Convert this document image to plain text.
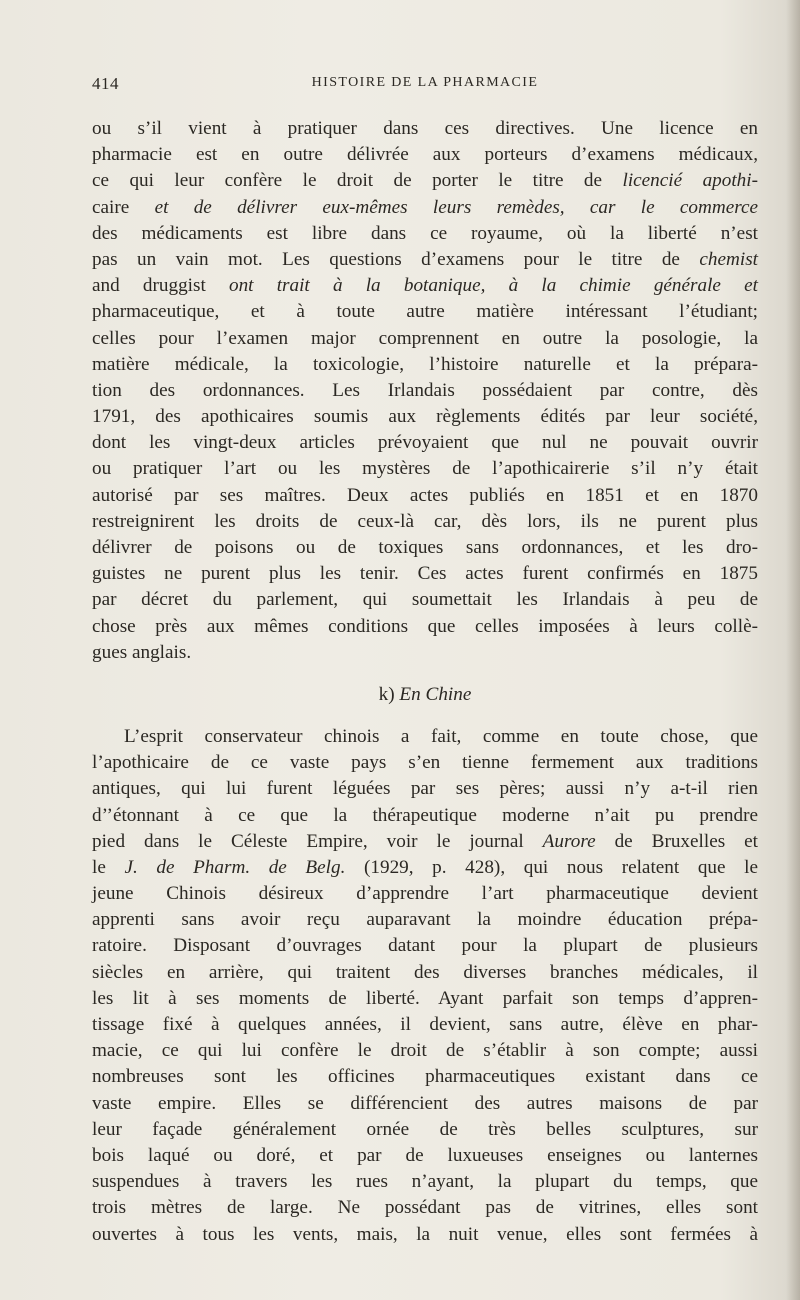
414	HISTOIRE DE LA PHARMACIE
ou s’il vient à pratiquer dans ces directives. Une licence en
pharmacie est en outre délivrée aux porteurs d’examens médicaux,
ce qui leur confère le droit de porter le titre de licencié apothi-
caire et de délivrer eux-mêmes leurs remèdes, car le commerce
des médicaments est libre dans ce royaume, où la liberté n’est
pas un vain mot. Les questions d’examens pour le titre de chemist
and druggist ont trait à la botanique, à la chimie générale et
pharmaceutique, et à toute autre matière intéressant l’étudiant;
celles pour l’examen major comprennent en outre la posologie, la
matière médicale, la toxicologie, l’histoire naturelle et la prépara-
tion des ordonnances. Les Irlandais possédaient par contre, dès
1791, des apothicaires soumis aux règlements édités par leur société,
dont les vingt-deux articles prévoyaient que nul ne pouvait ouvrir
ou pratiquer l’art ou les mystères de l’apothicairerie s’il n’y était
autorisé par ses maîtres. Deux actes publiés en 1851 et en 1870
restreignirent les droits de ceux-là car, dès lors, ils ne purent plus
délivrer de poisons ou de toxiques sans ordonnances, et les dro-
guistes ne purent plus les tenir. Ces actes furent confirmés en 1875
par décret du parlement, qui soumettait les Irlandais à peu de
chose près aux mêmes conditions que celles imposées à leurs collè-
gues anglais.
k) En Chine
L’esprit conservateur chinois a fait, comme en toute chose, que
l’apothicaire de ce vaste pays s’en tienne fermement aux traditions
antiques, qui lui furent léguées par ses pères; aussi n’y a-t-il rien
d’’étonnant à ce que la thérapeutique moderne n’ait pu prendre
pied dans le Céleste Empire, voir le journal Aurore de Bruxelles et
le J. de Pharm. de Belg. (1929, p. 428), qui nous relatent que le
jeune Chinois désireux d’apprendre l’art pharmaceutique devient
apprenti sans avoir reçu auparavant la moindre éducation prépa-
ratoire. Disposant d’ouvrages datant pour la plupart de plusieurs
siècles en arrière, qui traitent des diverses branches médicales, il
les lit à ses moments de liberté. Ayant parfait son temps d’appren-
tissage fixé à quelques années, il devient, sans autre, élève en phar-
macie, ce qui lui confère le droit de s’établir à son compte; aussi
nombreuses sont les officines pharmaceutiques existant dans ce
vaste empire. Elles se différencient des autres maisons de par
leur façade généralement ornée de très belles sculptures, sur
bois laqué ou doré, et par de luxueuses enseignes ou lanternes
suspendues à travers les rues n’ayant, la plupart du temps, que
trois mètres de large. Ne possédant pas de vitrines, elles sont
ouvertes à tous les vents, mais, la nuit venue, elles sont fermées à
